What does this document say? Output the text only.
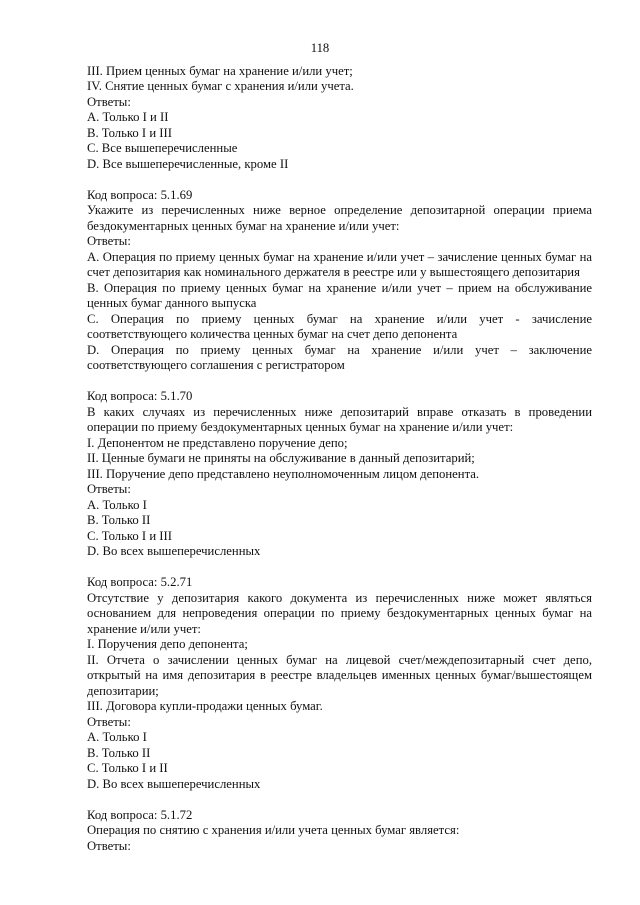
118

III. Прием ценных бумаг на хранение и/или учет;

IV. Снятие ценных бумаг с хранения и/или учета.

Ответы:

A. Только I и II

B. Только I и III

C. Все вышеперечисленные

D. Все вышеперечисленные, кроме II

Код вопроса: 5.1.69

Укажите из перечисленных ниже верное определение депозитарной операции приема бездокументарных ценных бумаг на хранение и/или учет:

Ответы:

A. Операция по приему ценных бумаг на хранение и/или учет – зачисление ценных бумаг на счет депозитария как номинального держателя в реестре или у вышестоящего депозитария

B. Операция по приему ценных бумаг на хранение и/или учет – прием на обслуживание ценных бумаг данного выпуска

C. Операция по приему ценных бумаг на хранение и/или учет - зачисление соответствующего количества ценных бумаг на счет депо депонента

D. Операция по приему ценных бумаг на хранение и/или учет – заключение соответствующего соглашения с регистратором

Код вопроса: 5.1.70

В каких случаях из перечисленных ниже депозитарий вправе отказать в проведении операции по приему бездокументарных ценных бумаг на хранение и/или учет:

I. Депонентом не представлено поручение депо;

II. Ценные бумаги не приняты на обслуживание в данный депозитарий;

III. Поручение депо представлено неуполномоченным лицом депонента.

Ответы:

A. Только I

B. Только II

C. Только I и III

D. Во всех вышеперечисленных

Код вопроса: 5.2.71

Отсутствие у депозитария какого документа из перечисленных ниже может являться основанием для непроведения операции по приему бездокументарных ценных бумаг на хранение и/или учет:

I. Поручения депо депонента;

II. Отчета о зачислении ценных бумаг на лицевой счет/междепозитарный счет депо, открытый на имя депозитария в реестре владельцев именных ценных бумаг/вышестоящем депозитарии;

III. Договора купли-продажи ценных бумаг.

Ответы:

A. Только I

B. Только II

C. Только I и II

D. Во всех вышеперечисленных

Код вопроса: 5.1.72

Операция по снятию с хранения и/или учета ценных бумаг является:

Ответы:
